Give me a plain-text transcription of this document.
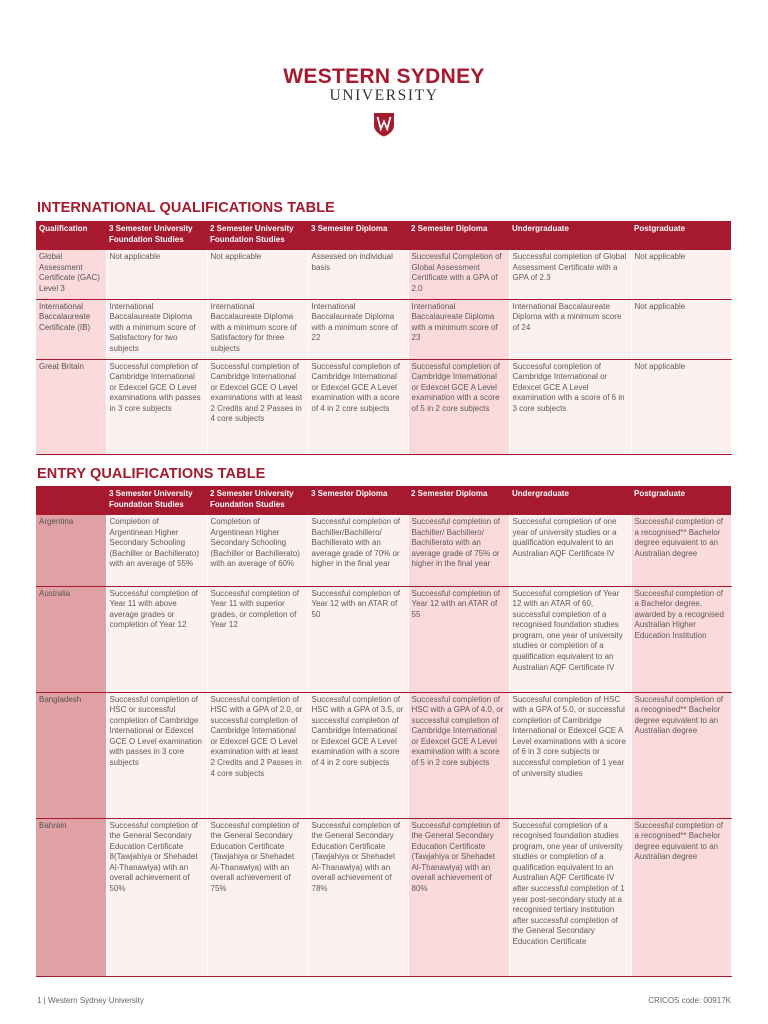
WESTERN SYDNEY
UNIVERSITY
INTERNATIONAL QUALIFICATIONS TABLE
Qualification	3 Semester University Foundation Studies	2 Semester University Foundation Studies	3 Semester Diploma	2 Semester Diploma	Undergraduate	Postgraduate
Global Assessment Certificate (GAC) Level 3	Not applicable	Not applicable	Assessed on individual basis	Successful Completion of Global Assessment Certificate with a GPA of 2.0	Successful completion of Global Assessment Certificate with a GPA of 2.3	Not applicable
International Baccalaureate Certificate (IB)	International Baccalaureate Diploma with a minimum score of Satisfactory for two subjects	International Baccalaureate Diploma with a minimum score of Satisfactory for three subjects	International Baccalaureate Diploma with a minimum score of 22	International Baccalaureate Diploma with a minimum score of 23	International Baccalaureate Diploma with a minimum score of 24	Not applicable
Great Britain	Successful completion of Cambridge International or Edexcel GCE O Level examinations with passes in 3 core subjects	Successful completion of Cambridge International or Edexcel GCE O Level examinations with at least 2 Credits and 2 Passes in 4 core subjects	Successful completion of Cambridge International or Edexcel GCE A Level examination with a score of 4 in 2 core subjects	Successful completion of Cambridge International or Edexcel GCE A Level examination with a score of 5 in 2 core subjects	Successful completion of Cambridge International or Edexcel GCE A Level examination with a score of 6 in 3 core subjects	Not applicable
ENTRY QUALIFICATIONS TABLE
	3 Semester University Foundation Studies	2 Semester University Foundation Studies	3 Semester Diploma	2 Semester Diploma	Undergraduate	Postgraduate
Argentina	Completion of Argentinean Higher Secondary Schooling (Bachiller or Bachillerato) with an average of 55%	Completion of Argentinean Higher Secondary Schooling (Bachiller or Bachillerato) with an average of 60%	Successful completion of Bachiller/Bachillero/ Bachillerato with an average grade of 70% or higher in the final year	Successful completion of Bachiller/ Bachillero/ Bachillerato with an average grade of 75% or higher in the final year	Successful completion of one year of university studies or a qualification equivalent to an Australian AQF Certificate IV	Successful completion of a recognised** Bachelor degree equivalent to an Australian degree
Australia	Successful completion of Year 11 with above average grades or completion of Year 12	Successful completion of Year 11 with superior grades, or completion of Year 12	Successful completion of Year 12 with an ATAR of 50	Successful completion of Year 12 with an ATAR of 55	Successful completion of Year 12 with an ATAR of 60, successful completion of a recognised foundation studies program, one year of university studies or completion of a qualification equivalent to an Australian AQF Certificate IV	Successful completion of a Bachelor degree, awarded by a recognised Australian Higher Education Institution
Bangladesh	Successful completion of HSC or successful completion of Cambridge International or Edexcel GCE O Level examination with passes in 3 core subjects	Successful completion of HSC with a GPA of 2.0, or successful completion of Cambridge International or Edexcel GCE O Level examination with at least 2 Credits and 2 Passes in 4 core subjects	Successful completion of HSC with a GPA of 3.5, or successful completion of Cambridge International or Edexcel GCE A Level examination with a score of 4 in 2 core subjects	Successful completion of HSC with a GPA of 4.0, or successful completion of Cambridge International or Edexcel GCE A Level examination with a score of 5 in 2 core subjects	Successful completion of HSC with a GPA of 5.0, or successful completion of Cambridge International or Edexcel GCE A Level examinations with a score of 6 in 3 core subjects or successful completion of 1 year of university studies	Successful completion of a recognised** Bachelor degree equivalent to an Australian degree
Bahrain	Successful completion of the General Secondary Education Certificate 8(Tawjahiya or Shehadet Al-Thanawiya) with an overall achievement of 50%	Successful completion of the General Secondary Education Certificate (Tawjahiya or Shehadet Al-Thanawiya) with an overall achievement of 75%	Successful completion of the General Secondary Education Certificate (Tawjahiya or Shehadet Al-Thanawiya) with an overall achievement of 78%	Successful completion of the General Secondary Education Certificate (Tawjahiya or Shehadet Al-Thanawiya) with an overall achievement of 80%	Successful completion of a recognised foundation studies program, one year of university studies or completion of a qualification equivalent to an Australian AQF Certificate IV after successful completion of 1 year post-secondary study at a recognised tertiary institution after successful completion of the General Secondary Education Certificate	Successful completion of a recognised** Bachelor degree equivalent to an Australian degree
1 | Western Sydney University	CRICOS code: 00917K
